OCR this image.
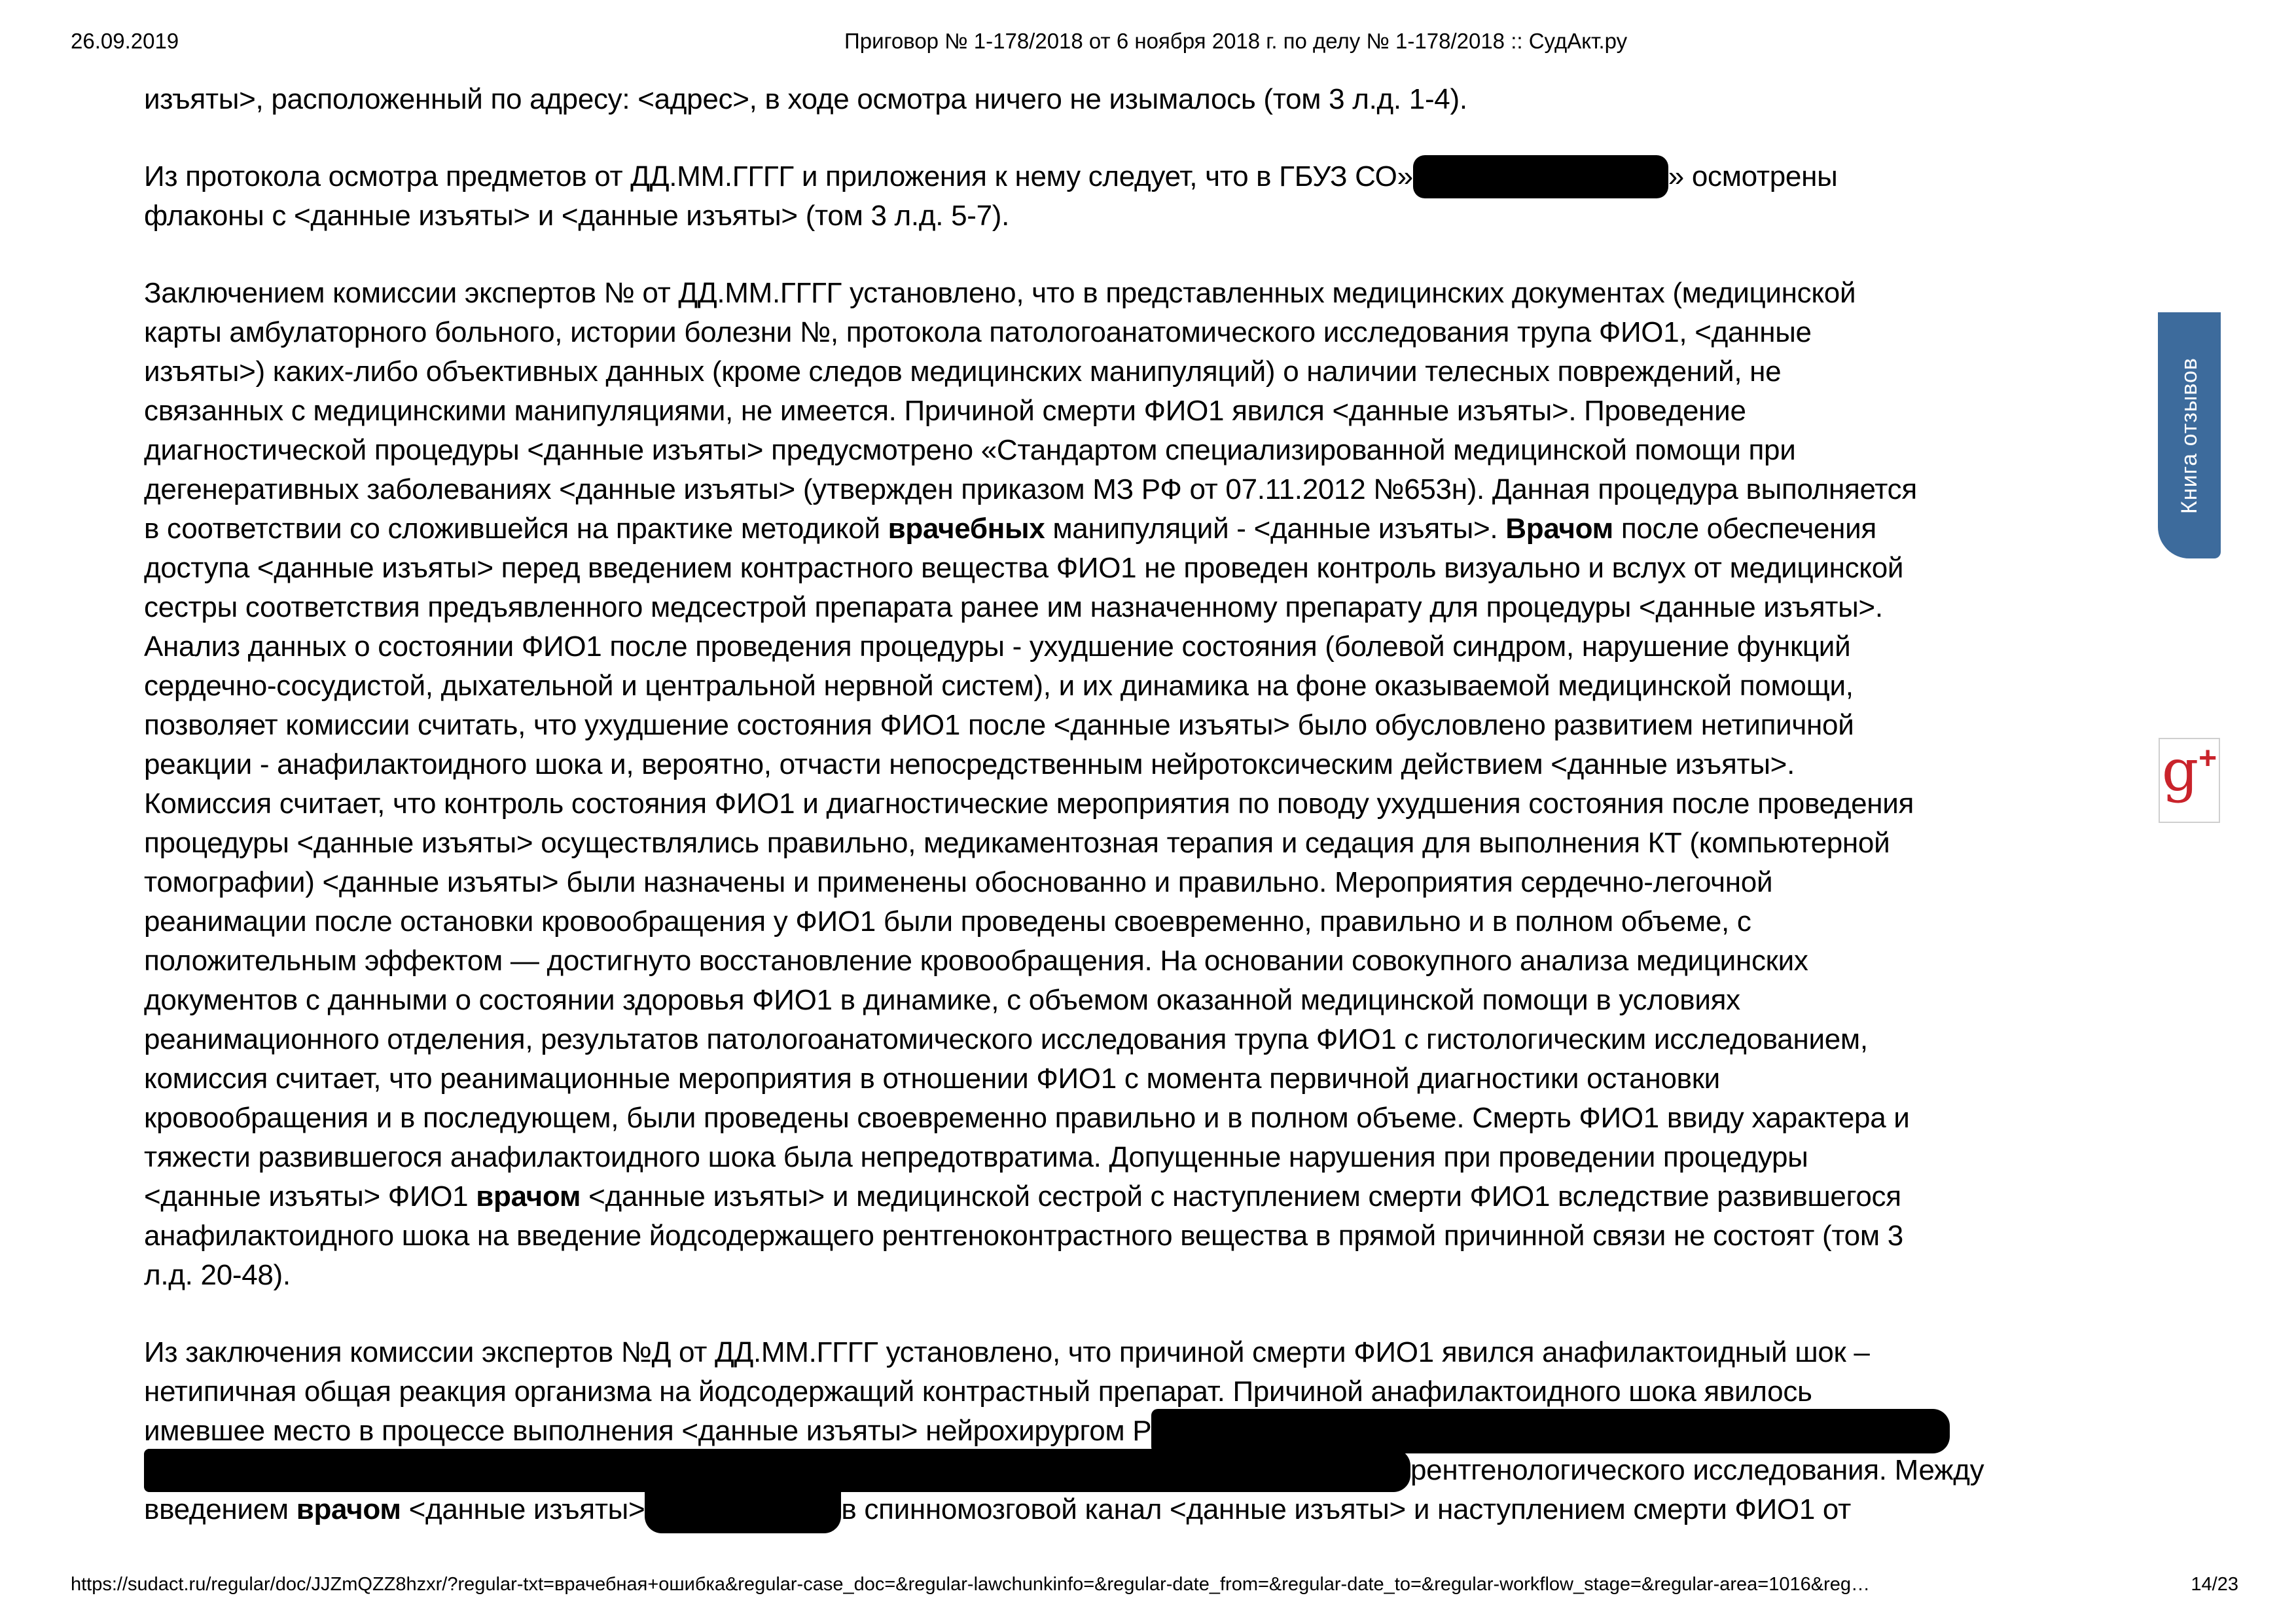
26.09.2019	Приговор № 1-178/2018 от 6 ноября 2018 г. по делу № 1-178/2018 :: СудАкт.ру
изъяты>, расположенный по адресу: <адрес>, в ходе осмотра ничего не изымалось (том 3 л.д. 1-4).
Из протокола осмотра предметов от ДД.ММ.ГГГГ и приложения к нему следует, что в ГБУЗ СО»	» осмотрены
флаконы с <данные изъяты> и <данные изъяты> (том 3 л.д. 5-7).
Заключением комиссии экспертов № от ДД.ММ.ГГГГ установлено, что в представленных медицинских документах (медицинской
карты амбулаторного больного, истории болезни №, протокола патологоанатомического исследования трупа ФИО1, <данные
изъяты>) каких-либо объективных данных (кроме следов медицинских манипуляций) о наличии телесных повреждений, не
связанных с медицинскими манипуляциями, не имеется. Причиной смерти ФИО1 явился <данные изъяты>. Проведение
диагностической процедуры <данные изъяты> предусмотрено «Стандартом специализированной медицинской помощи при
дегенеративных заболеваниях <данные изъяты> (утвержден приказом МЗ РФ от 07.11.2012 №653н). Данная процедура выполняется
в соответствии со сложившейся на практике методикой врачебных манипуляций - <данные изъяты>. Врачом после обеспечения
доступа <данные изъяты> перед введением контрастного вещества ФИО1 не проведен контроль визуально и вслух от медицинской
сестры соответствия предъявленного медсестрой препарата ранее им назначенному препарату для процедуры <данные изъяты>.
Анализ данных о состоянии ФИО1 после проведения процедуры - ухудшение состояния (болевой синдром, нарушение функций
сердечно-сосудистой, дыхательной и центральной нервной систем), и их динамика на фоне оказываемой медицинской помощи,
позволяет комиссии считать, что ухудшение состояния ФИО1 после <данные изъяты> было обусловлено развитием нетипичной
реакции - анафилактоидного шока и, вероятно, отчасти непосредственным нейротоксическим действием <данные изъяты>.
Комиссия считает, что контроль состояния ФИО1 и диагностические мероприятия по поводу ухудшения состояния после проведения
процедуры <данные изъяты> осуществлялись правильно, медикаментозная терапия и седация для выполнения КТ (компьютерной
томографии) <данные изъяты> были назначены и применены обоснованно и правильно. Мероприятия сердечно-легочной
реанимации после остановки кровообращения у ФИО1 были проведены своевременно, правильно и в полном объеме, с
положительным эффектом — достигнуто восстановление кровообращения. На основании совокупного анализа медицинских
документов с данными о состоянии здоровья ФИО1 в динамике, с объемом оказанной медицинской помощи в условиях
реанимационного отделения, результатов патологоанатомического исследования трупа ФИО1 с гистологическим исследованием,
комиссия считает, что реанимационные мероприятия в отношении ФИО1 с момента первичной диагностики остановки
кровообращения и в последующем, были проведены своевременно правильно и в полном объеме. Смерть ФИО1 ввиду характера и
тяжести развившегося анафилактоидного шока была непредотвратима. Допущенные нарушения при проведении процедуры
<данные изъяты> ФИО1 врачом <данные изъяты> и медицинской сестрой с наступлением смерти ФИО1 вследствие развившегося
анафилактоидного шока на введение йодсодержащего рентгеноконтрастного вещества в прямой причинной связи не состоят (том 3
л.д. 20-48).
Из заключения комиссии экспертов №Д от ДД.ММ.ГГГГ установлено, что причиной смерти ФИО1 явился анафилактоидный шок –
нетипичная общая реакция организма на йодсодержащий контрастный препарат. Причиной анафилактоидного шока явилось
имевшее место в процессе выполнения <данные изъяты> нейрохирургом Р
рентгенологического исследования. Между
введением врачом <данные изъяты>	в спинномозговой канал <данные изъяты> и наступлением смерти ФИО1 от
Книга отзывов
g +
https://sudact.ru/regular/doc/JJZmQZZ8hzxr/?regular-txt=врачебная+ошибка&regular-case_doc=&regular-lawchunkinfo=&regular-date_from=&regular-date_to=&regular-workflow_stage=&regular-area=1016&reg…	14/23
